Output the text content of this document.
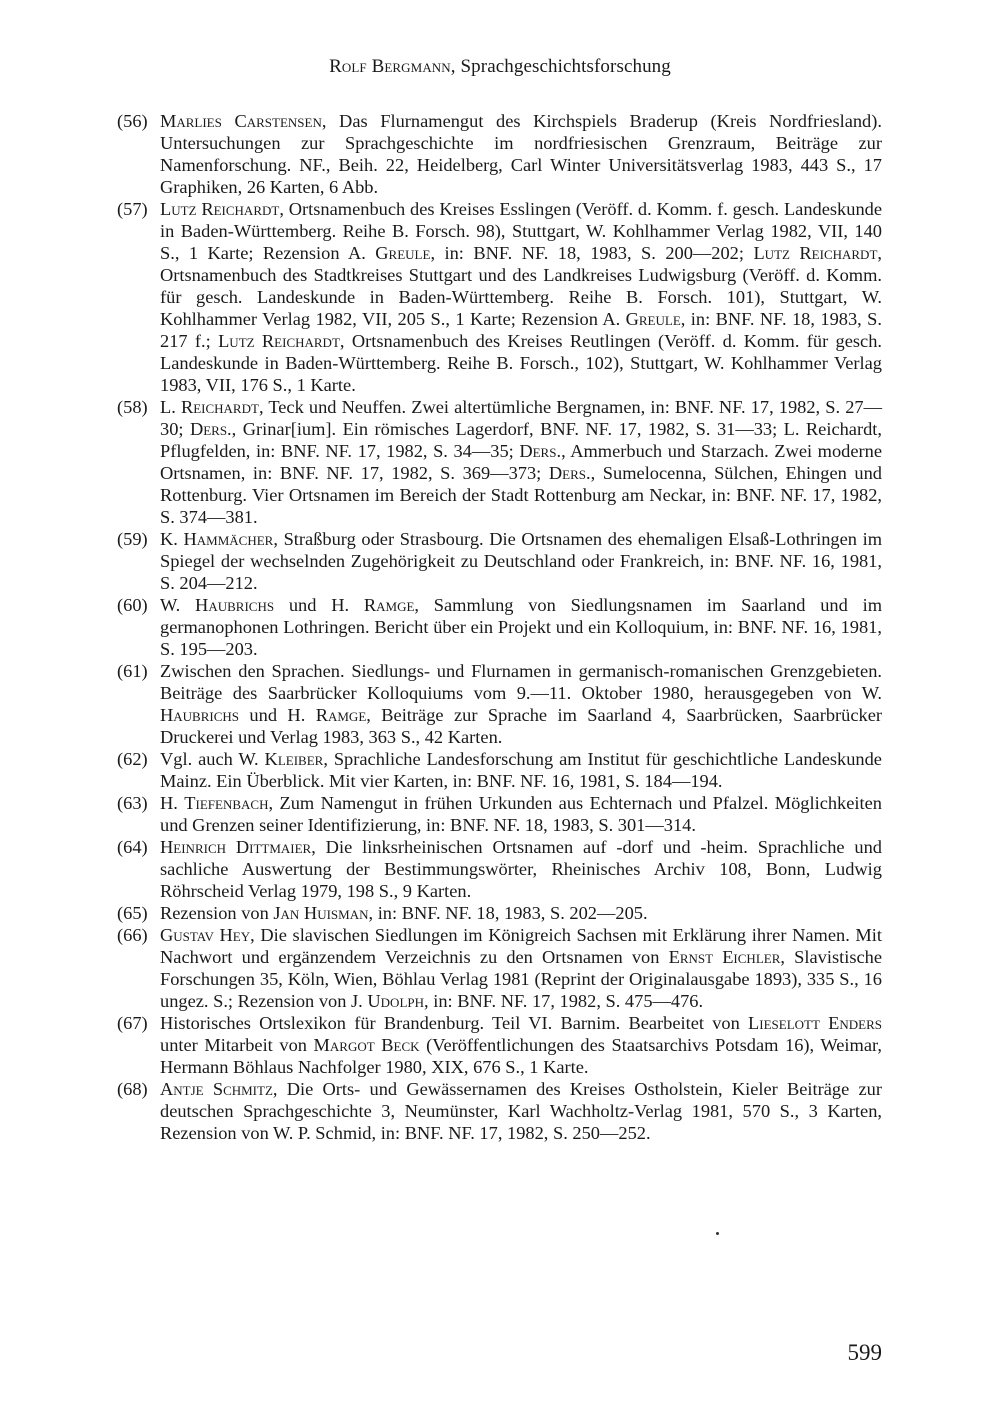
Rolf Bergmann, Sprachgeschichtsforschung
(56) Marlies Carstensen, Das Flurnamengut des Kirchspiels Braderup (Kreis Nordfriesland). Untersuchungen zur Sprachgeschichte im nordfriesischen Grenzraum, Beiträge zur Namenforschung. NF., Beih. 22, Heidelberg, Carl Winter Universitätsverlag 1983, 443 S., 17 Graphiken, 26 Karten, 6 Abb.
(57) Lutz Reichardt, Ortsnamenbuch des Kreises Esslingen (Veröff. d. Komm. f. gesch. Landeskunde in Baden-Württemberg. Reihe B. Forsch. 98), Stuttgart, W. Kohlhammer Verlag 1982, VII, 140 S., 1 Karte; Rezension A. Greule, in: BNF. NF. 18, 1983, S. 200—202; Lutz Reichardt, Ortsnamenbuch des Stadtkreises Stuttgart und des Landkreises Ludwigsburg (Veröff. d. Komm. für gesch. Landeskunde in Baden-Württemberg. Reihe B. Forsch. 101), Stuttgart, W. Kohlhammer Verlag 1982, VII, 205 S., 1 Karte; Rezension A. Greule, in: BNF. NF. 18, 1983, S. 217 f.; Lutz Reichardt, Ortsnamenbuch des Kreises Reutlingen (Veröff. d. Komm. für gesch. Landeskunde in Baden-Württemberg. Reihe B. Forsch., 102), Stuttgart, W. Kohlhammer Verlag 1983, VII, 176 S., 1 Karte.
(58) L. Reichardt, Teck und Neuffen. Zwei altertümliche Bergnamen, in: BNF. NF. 17, 1982, S. 27—30; Ders., Grinar[ium]. Ein römisches Lagerdorf, BNF. NF. 17, 1982, S. 31—33; L. Reichardt, Pflugfelden, in: BNF. NF. 17, 1982, S. 34—35; Ders., Ammerbuch und Starzach. Zwei moderne Ortsnamen, in: BNF. NF. 17, 1982, S. 369—373; Ders., Sumelocenna, Sülchen, Ehingen und Rottenburg. Vier Ortsnamen im Bereich der Stadt Rottenburg am Neckar, in: BNF. NF. 17, 1982, S. 374—381.
(59) K. Hammächer, Straßburg oder Strasbourg. Die Ortsnamen des ehemaligen Elsaß-Lothringen im Spiegel der wechselnden Zugehörigkeit zu Deutschland oder Frankreich, in: BNF. NF. 16, 1981, S. 204—212.
(60) W. Haubrichs und H. Ramge, Sammlung von Siedlungsnamen im Saarland und im germanophonen Lothringen. Bericht über ein Projekt und ein Kolloquium, in: BNF. NF. 16, 1981, S. 195—203.
(61) Zwischen den Sprachen. Siedlungs- und Flurnamen in germanisch-romanischen Grenzgebieten. Beiträge des Saarbrücker Kolloquiums vom 9.—11. Oktober 1980, herausgegeben von W. Haubrichs und H. Ramge, Beiträge zur Sprache im Saarland 4, Saarbrücken, Saarbrücker Druckerei und Verlag 1983, 363 S., 42 Karten.
(62) Vgl. auch W. Kleiber, Sprachliche Landesforschung am Institut für geschichtliche Landeskunde Mainz. Ein Überblick. Mit vier Karten, in: BNF. NF. 16, 1981, S. 184—194.
(63) H. Tiefenbach, Zum Namengut in frühen Urkunden aus Echternach und Pfalzel. Möglichkeiten und Grenzen seiner Identifizierung, in: BNF. NF. 18, 1983, S. 301—314.
(64) Heinrich Dittmaier, Die linksrheinischen Ortsnamen auf -dorf und -heim. Sprachliche und sachliche Auswertung der Bestimmungswörter, Rheinisches Archiv 108, Bonn, Ludwig Röhrscheid Verlag 1979, 198 S., 9 Karten.
(65) Rezension von Jan Huisman, in: BNF. NF. 18, 1983, S. 202—205.
(66) Gustav Hey, Die slavischen Siedlungen im Königreich Sachsen mit Erklärung ihrer Namen. Mit Nachwort und ergänzendem Verzeichnis zu den Ortsnamen von Ernst Eichler, Slavistische Forschungen 35, Köln, Wien, Böhlau Verlag 1981 (Reprint der Originalausgabe 1893), 335 S., 16 ungez. S.; Rezension von J. Udolph, in: BNF. NF. 17, 1982, S. 475—476.
(67) Historisches Ortslexikon für Brandenburg. Teil VI. Barnim. Bearbeitet von Lieselott Enders unter Mitarbeit von Margot Beck (Veröffentlichungen des Staatsarchivs Potsdam 16), Weimar, Hermann Böhlaus Nachfolger 1980, XIX, 676 S., 1 Karte.
(68) Antje Schmitz, Die Orts- und Gewässernamen des Kreises Ostholstein, Kieler Beiträge zur deutschen Sprachgeschichte 3, Neumünster, Karl Wachholtz-Verlag 1981, 570 S., 3 Karten, Rezension von W. P. Schmid, in: BNF. NF. 17, 1982, S. 250—252.
599
